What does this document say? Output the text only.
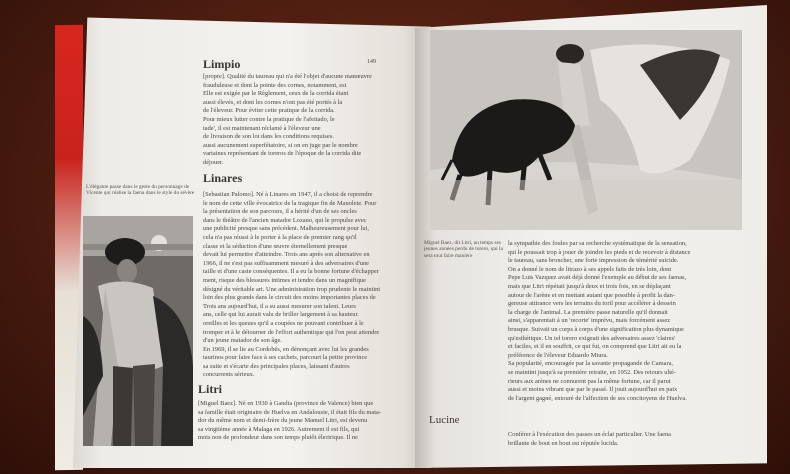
Limpio	149
[propre]. Qualité du taureau qui n'a été l'objet d'aucune manœuvre
frauduleuse et dont la pointe des cornes, notamment, est
Elle est exigée par le Règlement, ceux de la corrida étant
aussi élevés, et dont les cornes n'ont pas été portés à la
de l'éleveur. Pour éviter cette pratique de la corrida.
Pour mieux lutter contre la pratique de l'afeitado, le
tade', il est maintenant réclamé à l'éleveur une
de livraison de son lot dans les conditions requises.
aussi aucunement superfétatoire, si on en juge par le nombre
vartaines représentant de toreros de l'époque de la corrida dite
déjouer.
Linares
[Sebastian Palomo]. Né à Linares en 1947, il a choisi de reprendre
le nom de cette ville évocatrice de la tragique fin de Manolete. Pour
la présentation de son parcours, il a hérité d'un de ses oncles
dans le théâtre de l'ancien matador Lozano, qui le propulse avec
une publicité presque sans précédent. Malheureusement pour lui,
cela n'a pas réussi à le porter à la place de premier rang qu'il
classe et la séduction d'une œuvre éternellement presque
devait lui permettre d'atteindre. Trois ans après son alternative en
1966, il ne s'est pas suffisamment mesuré à des adversaires d'une
taille et d'une caste conséquentes. Il a eu la bonne fortune d'échapper
ment, risque des blessures intimes et tendre dans un magnifique
désigné du véritable art. Une administration trop prudente le maintint
loin des plus grands dans le circuit des moins importantes places de
Trois ans aujourd'hui, il a su aussi mesurer son talent. Leurs
ans, celle qui lui aurait valu de briller largement à sa hauteur.
oreilles et les queues qu'il a coupées ne pouvant contribuer à le
tromper et à le détourner de l'effort authentique qui l'on peut attendre
d'un jeune matador de son âge.
En 1969, il se lie au Cordobés, en dénonçant avec lui les grandes
taurinos pour faire face à ses cachets, parcourt la petite province
sa suite et s'écarte des principales places, laissant d'autres
concurrents sérieux.
Litri
[Miguel Baez]. Né en 1930 à Gandia (province de Valence) bien que
sa famille était originaire de Huelva en Andalousie, il était fils du mata-
dor du même nom et demi-frère du jeune Manuel Litri, est devenu
sa vingtième année à Malaga en 1926. Autrement il est fils, qui
mois non de profondeur dans son temps plutôt électrique. Il ne
L'élégante passe dans le geste du personnage de Vicente qui réalise la faena dans le style du sévère
Miguel Baez, dit Litri, au temps ses jeunes années perdu de torero, qui la sera tout faire manière
la sympathie des foules par sa recherche systématique de la sensation,
qui le poussait trop à jouer de joindre les pieds et de recevoir à distance
le taureau, sans broncher, une forte impression de témérité suicide.
On a donné le nom de litrazo à ses appels faits de très loin, dont
Pepe Luis Vazquez avait déjà donné l'exemple au début de ses faenas,
mais que Litri répétait jusqu'à deux et trois fois, en se déplaçant
autour de l'arène et en mettant autant que possible à profit la dan-
gereuse attirance vers les terrains du toril pour accélérer à dessein
la charge de l'animal. La première passe naturelle qu'il donnait
ainsi, s'apparentait à un 'recorte' imprévu, mais forcément assez
brusque. Suivait un corps à corps d'une signification plus dynamique
qu'esthétique. Un tel torero exigeait des adversaires assez 'claires'
et faciles, et il en souffrit, ce qui fut, on comprend que Litri ait eu la
préférence de l'éleveur Eduardo Miura.
Sa popularité, encouragée par la savante propagande de Camara,
se maintint jusqu'à sa première retraite, en 1952. Des retours ulté-
rieurs aux arènes ne connurent pas la même fortune, car il parut
aussi et moins vibrant que par le passé. Il jouit aujourd'hui en paix
de l'argent gagné, entouré de l'affection de ses concitoyens de Huelva.
Lucine
Conférer à l'exécution des passes un éclat particulier. Une faena
brillante de bout en bout est réputée lucida.
